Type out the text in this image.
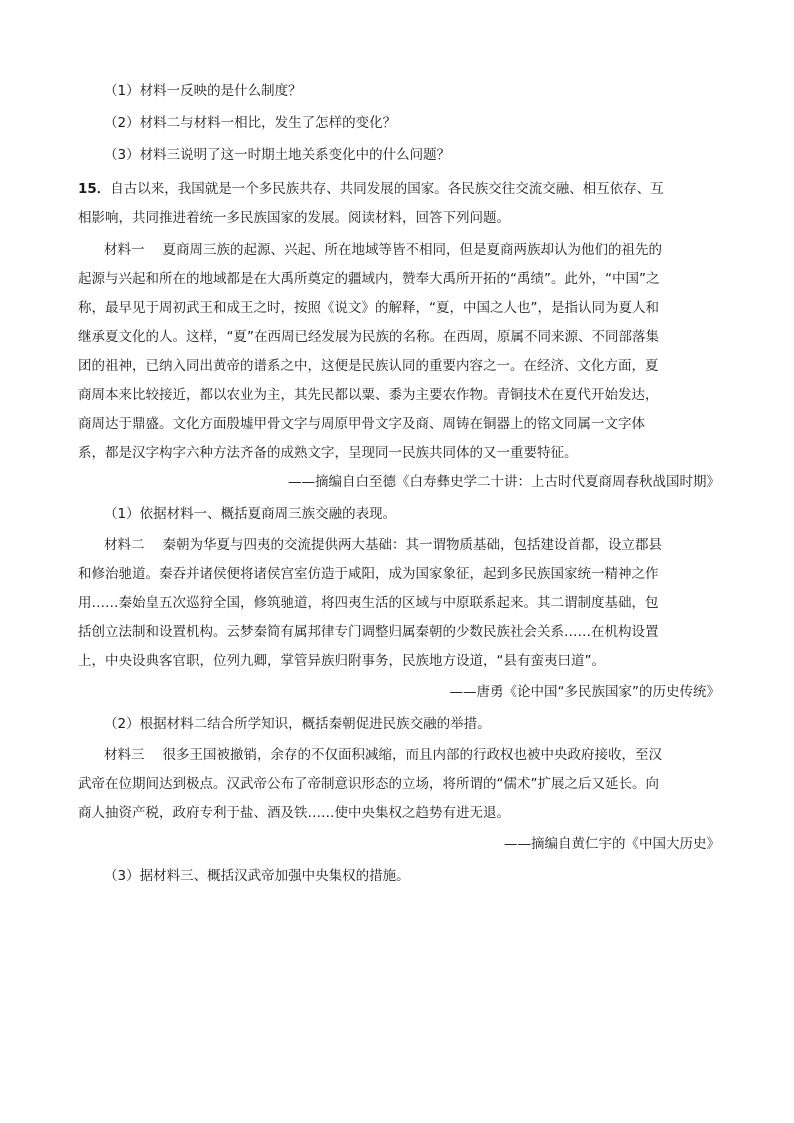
（1）材料一反映的是什么制度？
（2）材料二与材料一相比，发生了怎样的变化？
（3）材料三说明了这一时期土地关系变化中的什么问题？
15．自古以来，我国就是一个多民族共存、共同发展的国家。各民族交往交流交融、相互依存、互
相影响，共同推进着统一多民族国家的发展。阅读材料，回答下列问题。
材料一 夏商周三族的起源、兴起、所在地域等皆不相同，但是夏商两族却认为他们的祖先的
起源与兴起和所在的地域都是在大禹所奠定的疆域内，赞奉大禹所开拓的“禹绩”。此外，“中国”之
称，最早见于周初武王和成王之时，按照《说文》的解释，“夏，中国之人也”，是指认同为夏人和
继承夏文化的人。这样，“夏”在西周已经发展为民族的名称。在西周，原属不同来源、不同部落集
团的祖神，已纳入同出黄帝的谱系之中，这便是民族认同的重要内容之一。在经济、文化方面，夏
商周本来比较接近，都以农业为主，其先民都以粟、黍为主要农作物。青铜技术在夏代开始发达，
商周达于鼎盛。文化方面殷墟甲骨文字与周原甲骨文字及商、周铸在铜器上的铭文同属一文字体
系，都是汉字构字六种方法齐备的成熟文字，呈现同一民族共同体的又一重要特征。
——摘编自白至德《白寿彝史学二十讲：上古时代夏商周春秋战国时期》
（1）依据材料一、概括夏商周三族交融的表现。
材料二 秦朝为华夏与四夷的交流提供两大基础：其一谓物质基础，包括建设首都，设立郡县
和修治驰道。秦吞并诸侯便将诸侯宫室仿造于咸阳，成为国家象征，起到多民族国家统一精神之作
用……秦始皇五次巡狩全国，修筑驰道，将四夷生活的区域与中原联系起来。其二谓制度基础，包
括创立法制和设置机构。云梦秦简有属邦律专门调整归属秦朝的少数民族社会关系……在机构设置
上，中央设典客官职，位列九卿，掌管异族归附事务，民族地方设道，“县有蛮夷曰道”。
——唐勇《论中国“多民族国家”的历史传统》
（2）根据材料二结合所学知识，概括秦朝促进民族交融的举措。
材料三 很多王国被撤销，余存的不仅面积减缩，而且内部的行政权也被中央政府接收，至汉
武帝在位期间达到极点。汉武帝公布了帝制意识形态的立场，将所谓的“儒术”扩展之后又延长。向
商人抽资产税，政府专利于盐、酒及铁……使中央集权之趋势有进无退。
——摘编自黄仁宇的《中国大历史》
（3）据材料三、概括汉武帝加强中央集权的措施。
